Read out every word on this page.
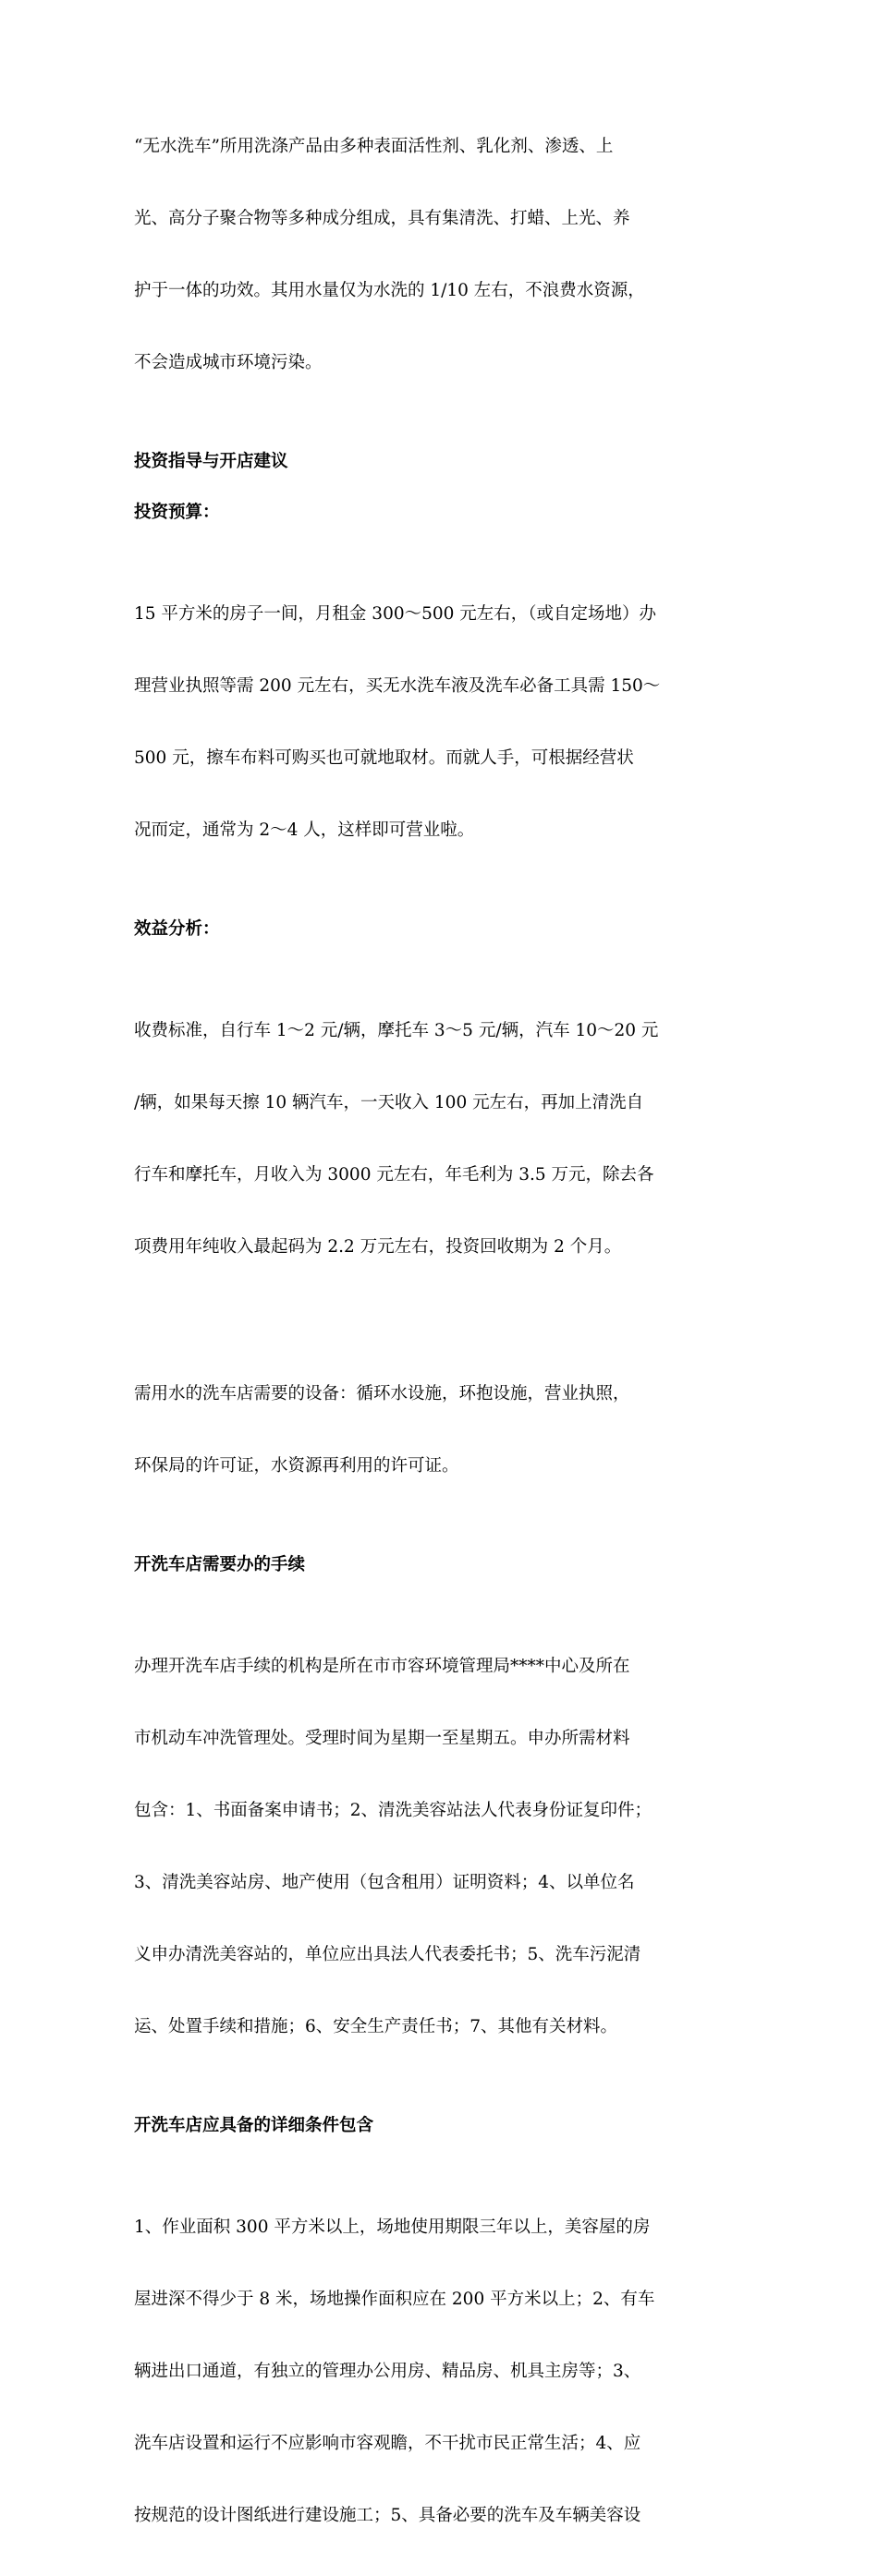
“无水洗车”所用洗涤产品由多种表面活性剂、乳化剂、渗透、上

光、高分子聚合物等多种成分组成，具有集清洗、打蜡、上光、养

护于一体的功效。其用水量仅为水洗的 1/10 左右，不浪费水资源，

不会造成城市环境污染。

投资指导与开店建议
投资预算：

15 平方米的房子一间，月租金 300～500 元左右，（或自定场地）办

理营业执照等需 200 元左右，买无水洗车液及洗车必备工具需 150～

500 元，擦车布料可购买也可就地取材。而就人手，可根据经营状

况而定，通常为 2～4 人，这样即可营业啦。

效益分析：

收费标准，自行车 1～2 元/辆，摩托车 3～5 元/辆，汽车 10～20 元

/辆，如果每天擦 10 辆汽车，一天收入 100 元左右，再加上清洗自

行车和摩托车，月收入为 3000 元左右，年毛利为 3.5 万元，除去各

项费用年纯收入最起码为 2.2 万元左右，投资回收期为 2 个月。

需用水的洗车店需要的设备：循环水设施，环抱设施，营业执照，

环保局的许可证，水资源再利用的许可证。

开洗车店需要办的手续

办理开洗车店手续的机构是所在市市容环境管理局****中心及所在

市机动车冲洗管理处。受理时间为星期一至星期五。申办所需材料

包含：1、书面备案申请书；2、清洗美容站法人代表身份证复印件；

3、清洗美容站房、地产使用（包含租用）证明资料；4、以单位名

义申办清洗美容站的，单位应出具法人代表委托书；5、洗车污泥清

运、处置手续和措施；6、安全生产责任书；7、其他有关材料。

开洗车店应具备的详细条件包含

1、作业面积 300 平方米以上，场地使用期限三年以上，美容屋的房

屋进深不得少于 8 米，场地操作面积应在 200 平方米以上；2、有车

辆进出口通道，有独立的管理办公用房、精品房、机具主房等；3、

洗车店设置和运行不应影响市容观瞻，不干扰市民正常生活；4、应

按规范的设计图纸进行建设施工；5、具备必要的洗车及车辆美容设
